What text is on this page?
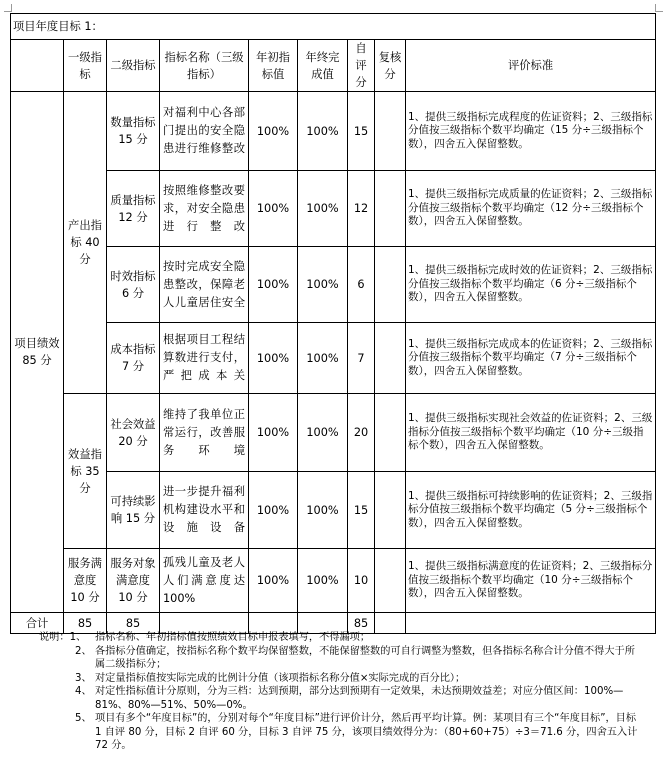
项目年度目标 1：								
	一级指标	二级指标	指标名称（三级指标）	年初指标值	年终完成值	自评分	复核分	评价标准
项目绩效 85 分	产出指标 40 分	数量指标 15 分	对福利中心各部门提出的安全隐患进行维修整改	100%	100%	15		1、提供三级指标完成程度的佐证资料；2、三级指标分值按三级指标个数平均确定（15 分÷三级指标个数），四舍五入保留整数。
		质量指标 12 分	按照维修整改要求，对安全隐患进行整改	100%	100%	12		1、提供三级指标完成质量的佐证资料；2、三级指标分值按三级指标个数平均确定（12 分÷三级指标个数），四舍五入保留整数。
		时效指标 6 分	按时完成安全隐患整改，保障老人儿童居住安全	100%	100%	6		1、提供三级指标完成时效的佐证资料；2、三级指标分值按三级指标个数平均确定（6 分÷三级指标个数），四舍五入保留整数。
		成本指标 7 分	根据项目工程结算数进行支付，严把成本关	100%	100%	7		1、提供三级指标完成成本的佐证资料；2、三级指标分值按三级指标个数平均确定（7 分÷三级指标个数），四舍五入保留整数。
	效益指标 35 分	社会效益 20 分	维持了我单位正常运行，改善服务环境	100%	100%	20		1、提供三级指标实现社会效益的佐证资料；2、三级指标分值按三级指标个数平均确定（10 分÷三级指标个数），四舍五入保留整数。
		可持续影响 15 分	进一步提升福利机构建设水平和设施设备	100%	100%	15		1、提供三级指标可持续影响的佐证资料；2、三级指标分值按三级指标个数平均确定（5 分÷三级指标个数），四舍五入保留整数。
	服务满意度 10 分	服务对象满意度 10 分	孤残儿童及老人人们满意度达100%	100%	100%	10		1、提供三级指标满意度的佐证资料；2、三级指标分值按三级指标个数平均确定（10 分÷三级指标个数），四舍五入保留整数。
合计	85	85				85		
说明：1、 指标名称、年初指标值按照绩效目标申报表填写，不得漏项；
2、 各指标分值确定，按指标名称个数平均保留整数，不能保留整数的可自行调整为整数，但各指标名称合计分值不得大于所属二级指标分；
3、 对定量指标值按实际完成的比例计分值（该项指标名称分值×实际完成的百分比）；
4、 对定性指标值计分原则，分为三档：达到预期，部分达到预期有一定效果，未达预期效益差；对应分值区间：100%—81%、80%—51%、50%—0%。
5、 项目有多个“年度目标”的，分别对每个“年度目标”进行评价计分，然后再平均计算。例：某项目有三个“年度目标”，目标 1 自评 80 分，目标 2 自评 60 分，目标 3 自评 75 分，该项目绩效得分为：（80+60+75）÷3＝71.6 分，四舍五入计 72 分。
